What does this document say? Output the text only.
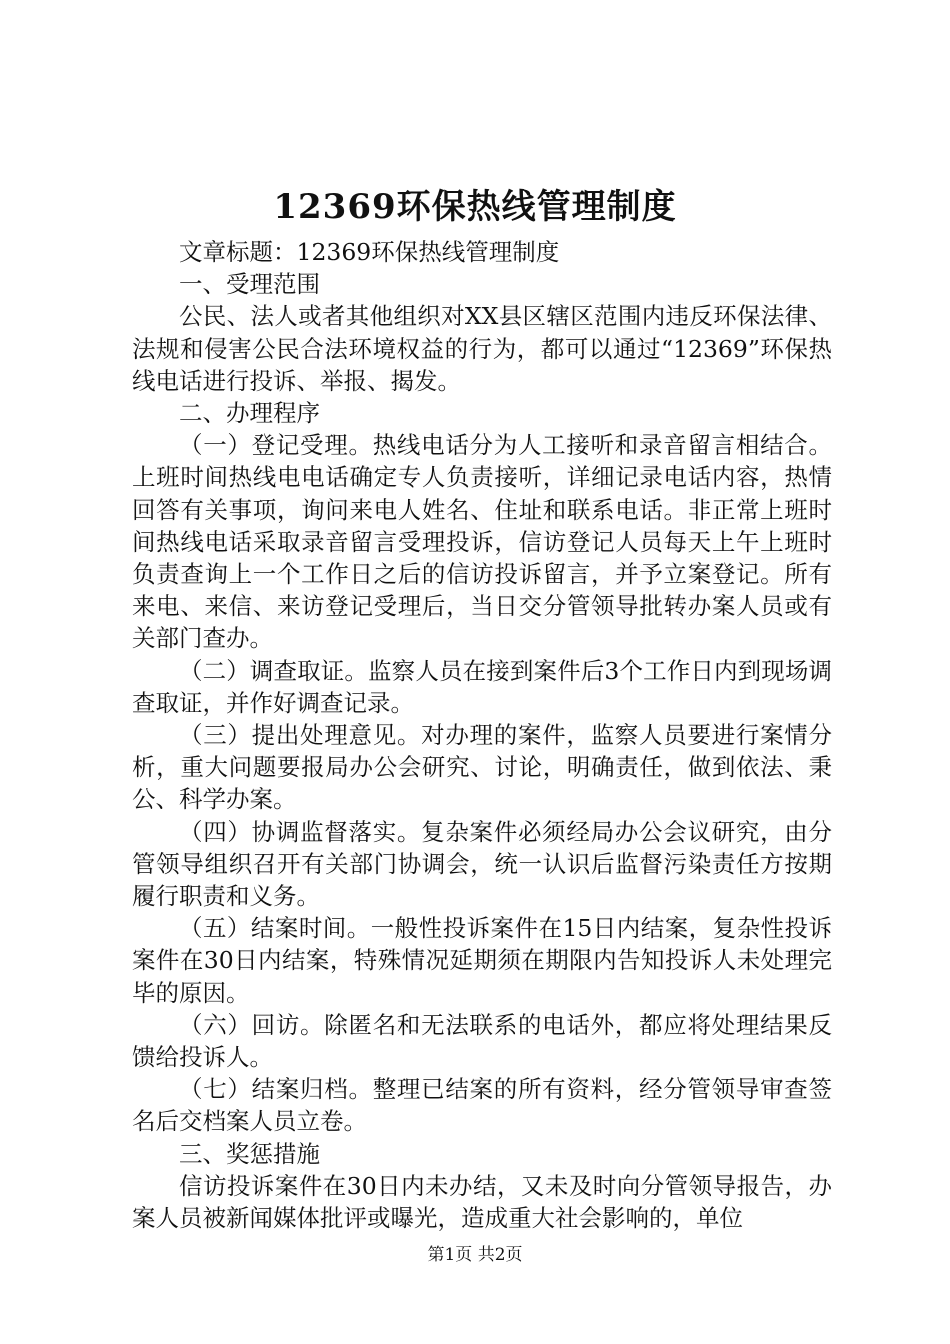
12369环保热线管理制度

文章标题：12369环保热线管理制度

一、受理范围

公民、法人或者其他组织对XX县区辖区范围内违反环保法律、法规和侵害公民合法环境权益的行为，都可以通过“12369”环保热线电话进行投诉、举报、揭发。

二、办理程序

（一）登记受理。热线电话分为人工接听和录音留言相结合。上班时间热线电电话确定专人负责接听，详细记录电话内容，热情回答有关事项，询问来电人姓名、住址和联系电话。非正常上班时间热线电话采取录音留言受理投诉，信访登记人员每天上午上班时负责查询上一个工作日之后的信访投诉留言，并予立案登记。所有来电、来信、来访登记受理后，当日交分管领导批转办案人员或有关部门查办。

（二）调查取证。监察人员在接到案件后3个工作日内到现场调查取证，并作好调查记录。

（三）提出处理意见。对办理的案件，监察人员要进行案情分析，重大问题要报局办公会研究、讨论，明确责任，做到依法、秉公、科学办案。

（四）协调监督落实。复杂案件必须经局办公会议研究，由分管领导组织召开有关部门协调会，统一认识后监督污染责任方按期履行职责和义务。

（五）结案时间。一般性投诉案件在15日内结案，复杂性投诉案件在30日内结案，特殊情况延期须在期限内告知投诉人未处理完毕的原因。

（六）回访。除匿名和无法联系的电话外，都应将处理结果反馈给投诉人。

（七）结案归档。整理已结案的所有资料，经分管领导审查签名后交档案人员立卷。

三、奖惩措施

信访投诉案件在30日内未办结，又未及时向分管领导报告，办案人员被新闻媒体批评或曝光，造成重大社会影响的，单位

第1页 共2页
